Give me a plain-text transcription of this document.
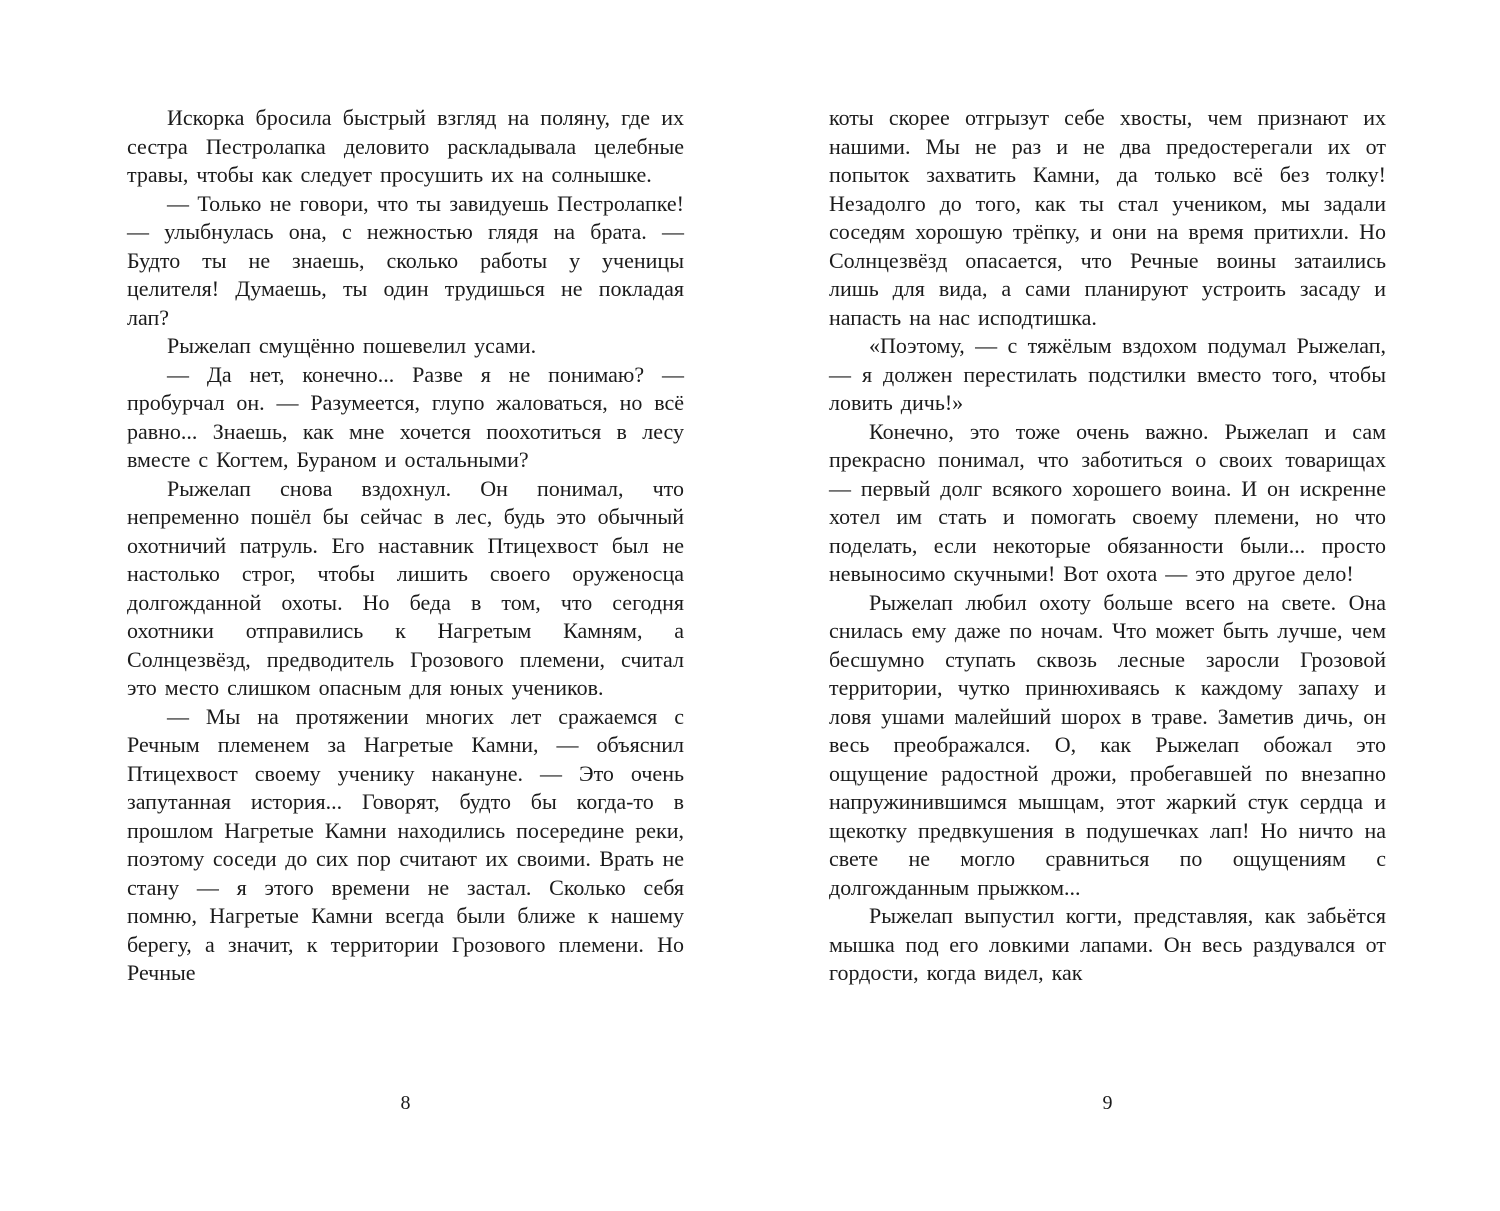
Искорка бросила быстрый взгляд на поляну, где их сестра Пестролапка деловито раскладывала целебные травы, чтобы как следует просушить их на солнышке.

— Только не говори, что ты завидуешь Пестролапке! — улыбнулась она, с нежностью глядя на брата. — Будто ты не знаешь, сколько работы у ученицы целителя! Думаешь, ты один трудишься не покладая лап?

Рыжелап смущённо пошевелил усами.

— Да нет, конечно... Разве я не понимаю? — пробурчал он. — Разумеется, глупо жаловаться, но всё равно... Знаешь, как мне хочется поохотиться в лесу вместе с Когтем, Бураном и остальными?

Рыжелап снова вздохнул. Он понимал, что непременно пошёл бы сейчас в лес, будь это обычный охотничий патруль. Его наставник Птицехвост был не настолько строг, чтобы лишить своего оруженосца долгожданной охоты. Но беда в том, что сегодня охотники отправились к Нагретым Камням, а Солнцезвёзд, предводитель Грозового племени, считал это место слишком опасным для юных учеников.

— Мы на протяжении многих лет сражаемся с Речным племенем за Нагретые Камни, — объяснил Птицехвост своему ученику накануне. — Это очень запутанная история... Говорят, будто бы когда-то в прошлом Нагретые Камни находились посередине реки, поэтому соседи до сих пор считают их своими. Врать не стану — я этого времени не застал. Сколько себя помню, Нагретые Камни всегда были ближе к нашему берегу, а значит, к территории Грозового племени. Но Речные

коты скорее отгрызут себе хвосты, чем признают их нашими. Мы не раз и не два предостерегали их от попыток захватить Камни, да только всё без толку! Незадолго до того, как ты стал учеником, мы задали соседям хорошую трёпку, и они на время притихли. Но Солнцезвёзд опасается, что Речные воины затаились лишь для вида, а сами планируют устроить засаду и напасть на нас исподтишка.

«Поэтому, — с тяжёлым вздохом подумал Рыжелап, — я должен перестилать подстилки вместо того, чтобы ловить дичь!»

Конечно, это тоже очень важно. Рыжелап и сам прекрасно понимал, что заботиться о своих товарищах — первый долг всякого хорошего воина. И он искренне хотел им стать и помогать своему племени, но что поделать, если некоторые обязанности были... просто невыносимо скучными! Вот охота — это другое дело!

Рыжелап любил охоту больше всего на свете. Она снилась ему даже по ночам. Что может быть лучше, чем бесшумно ступать сквозь лесные заросли Грозовой территории, чутко принюхиваясь к каждому запаху и ловя ушами малейший шорох в траве. Заметив дичь, он весь преображался. О, как Рыжелап обожал это ощущение радостной дрожи, пробегавшей по внезапно напружинившимся мышцам, этот жаркий стук сердца и щекотку предвкушения в подушечках лап! Но ничто на свете не могло сравниться по ощущениям с долгожданным прыжком...

Рыжелап выпустил когти, представляя, как забьётся мышка под его ловкими лапами. Он весь раздувался от гордости, когда видел, как

8	9
